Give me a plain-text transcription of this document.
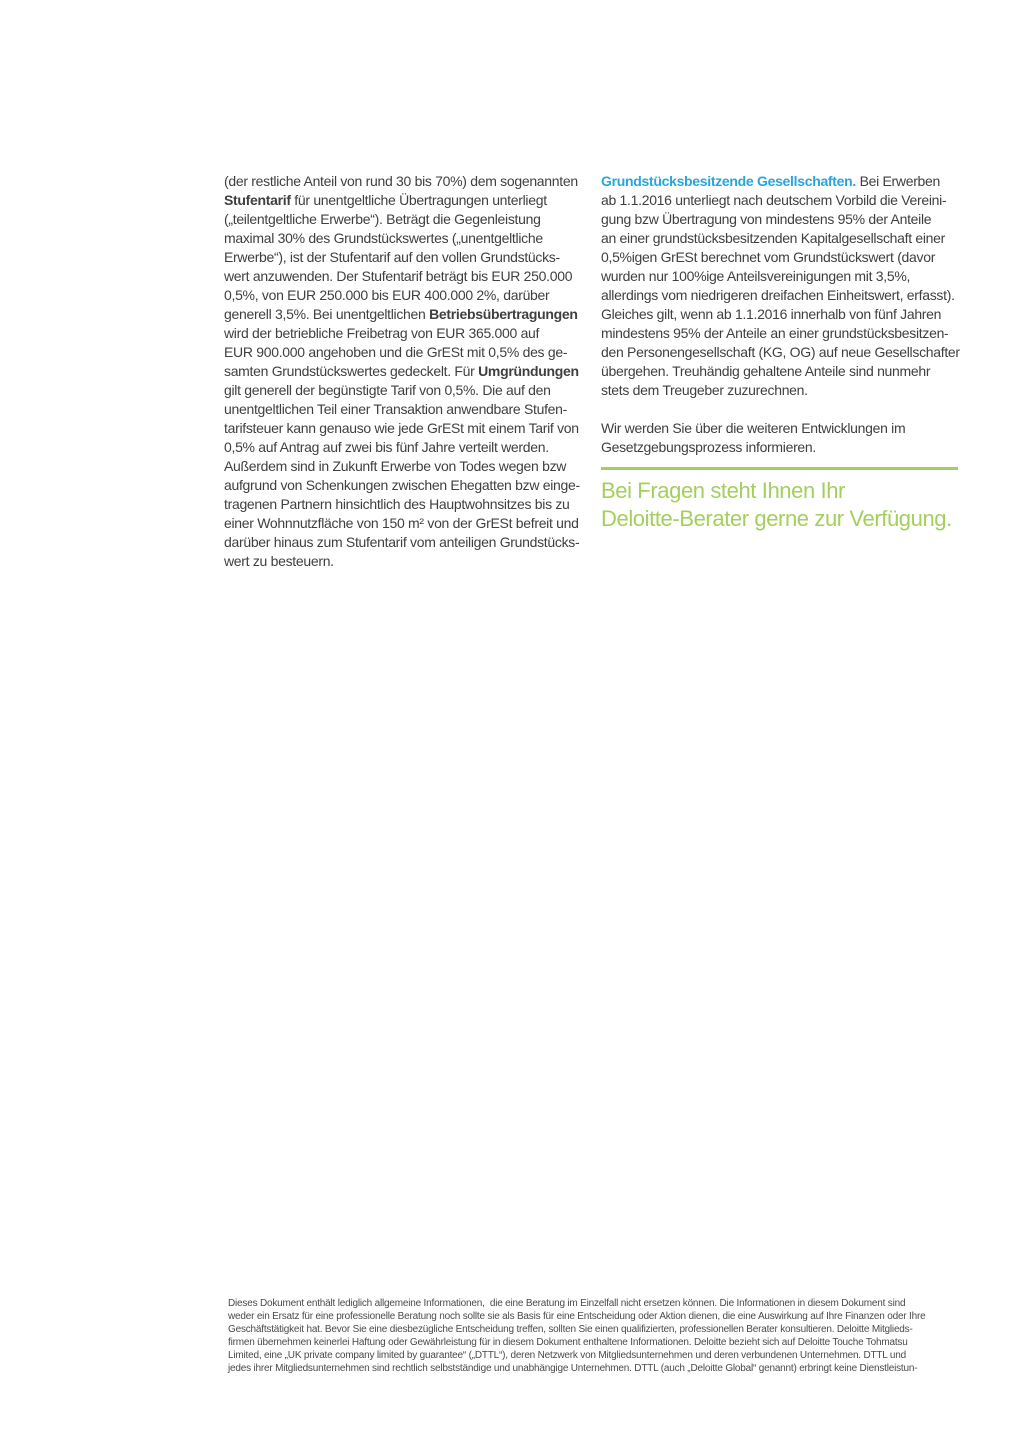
(der restliche Anteil von rund 30 bis 70%) dem sogenannten
Stufentarif für unentgeltliche Übertragungen unterliegt
(„teilentgeltliche Erwerbe“). Beträgt die Gegenleistung
maximal 30% des Grundstückswertes („unentgeltliche
Erwerbe“), ist der Stufentarif auf den vollen Grundstücks-
wert anzuwenden. Der Stufentarif beträgt bis EUR 250.000
0,5%, von EUR 250.000 bis EUR 400.000 2%, darüber
generell 3,5%. Bei unentgeltlichen Betriebsübertragungen
wird der betriebliche Freibetrag von EUR 365.000 auf
EUR 900.000 angehoben und die GrESt mit 0,5% des ge-
samten Grundstückswertes gedeckelt. Für Umgründungen
gilt generell der begünstigte Tarif von 0,5%. Die auf den
unentgeltlichen Teil einer Transaktion anwendbare Stufen-
tarifsteuer kann genauso wie jede GrESt mit einem Tarif von
0,5% auf Antrag auf zwei bis fünf Jahre verteilt werden.
Außerdem sind in Zukunft Erwerbe von Todes wegen bzw
aufgrund von Schenkungen zwischen Ehegatten bzw einge-
tragenen Partnern hinsichtlich des Hauptwohnsitzes bis zu
einer Wohnnutzfläche von 150 m² von der GrESt befreit und
darüber hinaus zum Stufentarif vom anteiligen Grundstücks-
wert zu besteuern.
Grundstücksbesitzende Gesellschaften. Bei Erwerben
ab 1.1.2016 unterliegt nach deutschem Vorbild die Vereini-
gung bzw Übertragung von mindestens 95% der Anteile
an einer grundstücksbesitzenden Kapitalgesellschaft einer
0,5%igen GrESt berechnet vom Grundstückswert (davor
wurden nur 100%ige Anteilsvereinigungen mit 3,5%,
allerdings vom niedrigeren dreifachen Einheitswert, erfasst).
Gleiches gilt, wenn ab 1.1.2016 innerhalb von fünf Jahren
mindestens 95% der Anteile an einer grundstücksbesitzen-
den Personengesellschaft (KG, OG) auf neue Gesellschafter
übergehen. Treuhändig gehaltene Anteile sind nunmehr
stets dem Treugeber zuzurechnen.
Wir werden Sie über die weiteren Entwicklungen im
Gesetzgebungsprozess informieren.
Bei Fragen steht Ihnen Ihr
Deloitte-Berater gerne zur Verfügung.
Dieses Dokument enthält lediglich allgemeine Informationen,  die eine Beratung im Einzelfall nicht ersetzen können. Die Informationen in diesem Dokument sind
weder ein Ersatz für eine professionelle Beratung noch sollte sie als Basis für eine Entscheidung oder Aktion dienen, die eine Auswirkung auf Ihre Finanzen oder Ihre
Geschäftstätigkeit hat. Bevor Sie eine diesbezügliche Entscheidung treffen, sollten Sie einen qualifizierten, professionellen Berater konsultieren. Deloitte Mitglieds-
firmen übernehmen keinerlei Haftung oder Gewährleistung für in diesem Dokument enthaltene Informationen. Deloitte bezieht sich auf Deloitte Touche Tohmatsu
Limited, eine „UK private company limited by guarantee“ („DTTL“), deren Netzwerk von Mitgliedsunternehmen und deren verbundenen Unternehmen. DTTL und
jedes ihrer Mitgliedsunternehmen sind rechtlich selbstständige und unabhängige Unternehmen. DTTL (auch „Deloitte Global“ genannt) erbringt keine Dienstleistun-
